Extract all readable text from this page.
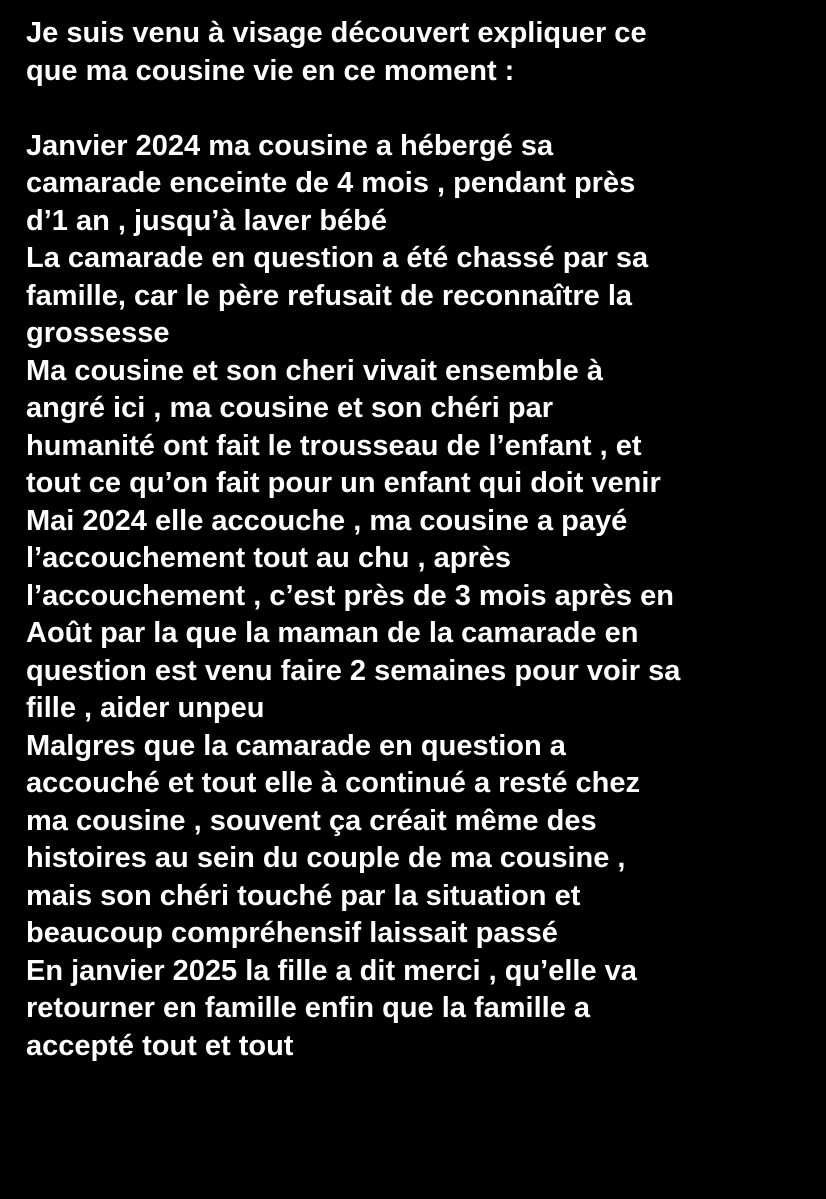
Je suis venu à visage découvert expliquer ce
que ma cousine vie en ce moment :
Janvier 2024 ma cousine a hébergé sa
camarade enceinte de 4 mois , pendant près
d’1 an , jusqu’à laver bébé
La camarade en question a été chassé par sa
famille, car le père refusait de reconnaître la
grossesse
Ma cousine et son cheri vivait ensemble à
angré ici , ma cousine et son chéri par
humanité ont fait le trousseau de l’enfant , et
tout ce qu’on fait pour un enfant qui doit venir
Mai 2024 elle accouche , ma cousine a payé
l’accouchement tout au chu , après
l’accouchement , c’est près de 3 mois après en
Août par la que la maman de la camarade en
question est venu faire 2 semaines pour voir sa
fille , aider unpeu
Malgres que la camarade en question a
accouché et tout elle à continué a resté chez
ma cousine , souvent ça créait même des
histoires au sein du couple de ma cousine ,
mais son chéri touché par la situation et
beaucoup compréhensif laissait passé
En janvier 2025 la fille a dit merci , qu’elle va
retourner en famille enfin que la famille a
accepté tout et tout
